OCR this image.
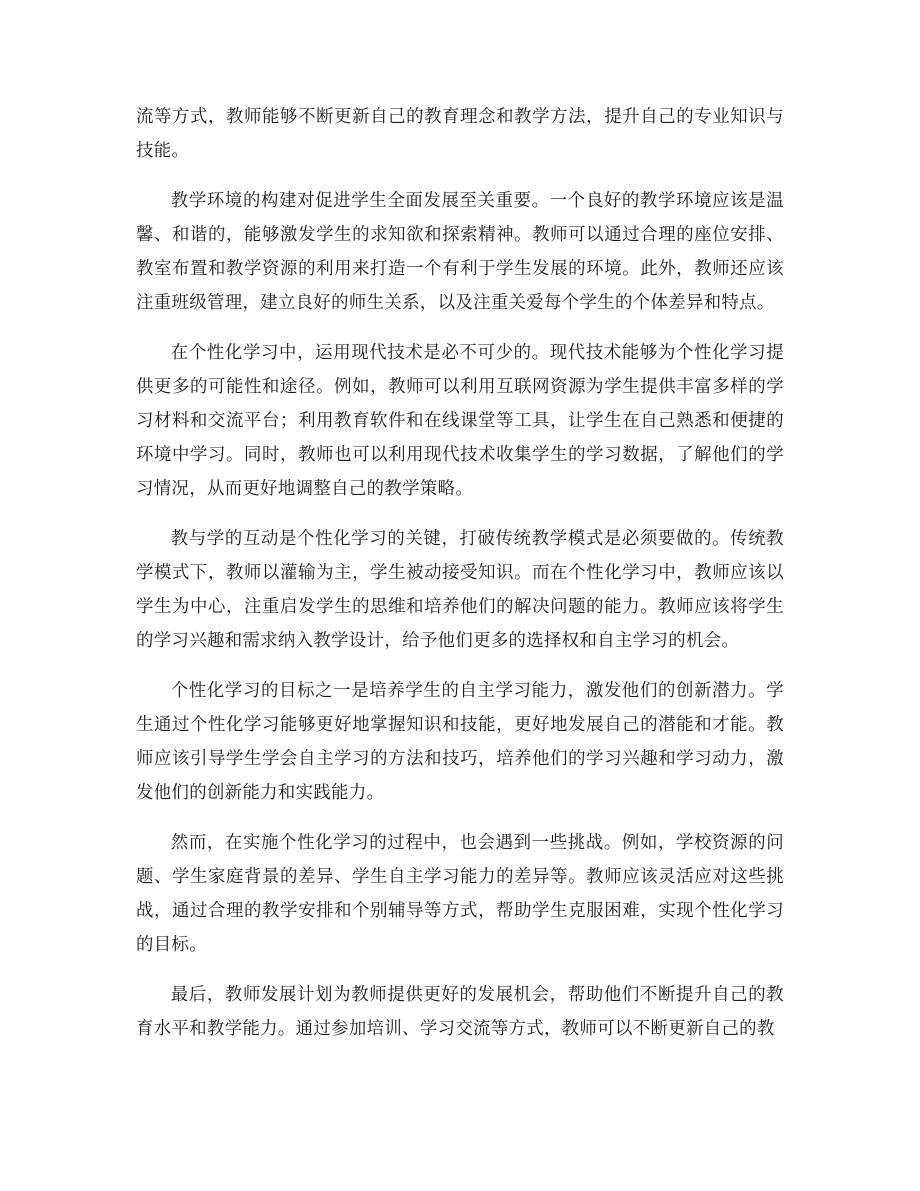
流等方式，教师能够不断更新自己的教育理念和教学方法，提升自己的专业知识与技能。

教学环境的构建对促进学生全面发展至关重要。一个良好的教学环境应该是温馨、和谐的，能够激发学生的求知欲和探索精神。教师可以通过合理的座位安排、教室布置和教学资源的利用来打造一个有利于学生发展的环境。此外，教师还应该注重班级管理，建立良好的师生关系，以及注重关爱每个学生的个体差异和特点。

在个性化学习中，运用现代技术是必不可少的。现代技术能够为个性化学习提供更多的可能性和途径。例如，教师可以利用互联网资源为学生提供丰富多样的学习材料和交流平台；利用教育软件和在线课堂等工具，让学生在自己熟悉和便捷的环境中学习。同时，教师也可以利用现代技术收集学生的学习数据，了解他们的学习情况，从而更好地调整自己的教学策略。

教与学的互动是个性化学习的关键，打破传统教学模式是必须要做的。传统教学模式下，教师以灌输为主，学生被动接受知识。而在个性化学习中，教师应该以学生为中心，注重启发学生的思维和培养他们的解决问题的能力。教师应该将学生的学习兴趣和需求纳入教学设计，给予他们更多的选择权和自主学习的机会。

个性化学习的目标之一是培养学生的自主学习能力，激发他们的创新潜力。学生通过个性化学习能够更好地掌握知识和技能，更好地发展自己的潜能和才能。教师应该引导学生学会自主学习的方法和技巧，培养他们的学习兴趣和学习动力，激发他们的创新能力和实践能力。

然而，在实施个性化学习的过程中，也会遇到一些挑战。例如，学校资源的问题、学生家庭背景的差异、学生自主学习能力的差异等。教师应该灵活应对这些挑战，通过合理的教学安排和个别辅导等方式，帮助学生克服困难，实现个性化学习的目标。

最后，教师发展计划为教师提供更好的发展机会，帮助他们不断提升自己的教育水平和教学能力。通过参加培训、学习交流等方式，教师可以不断更新自己的教
